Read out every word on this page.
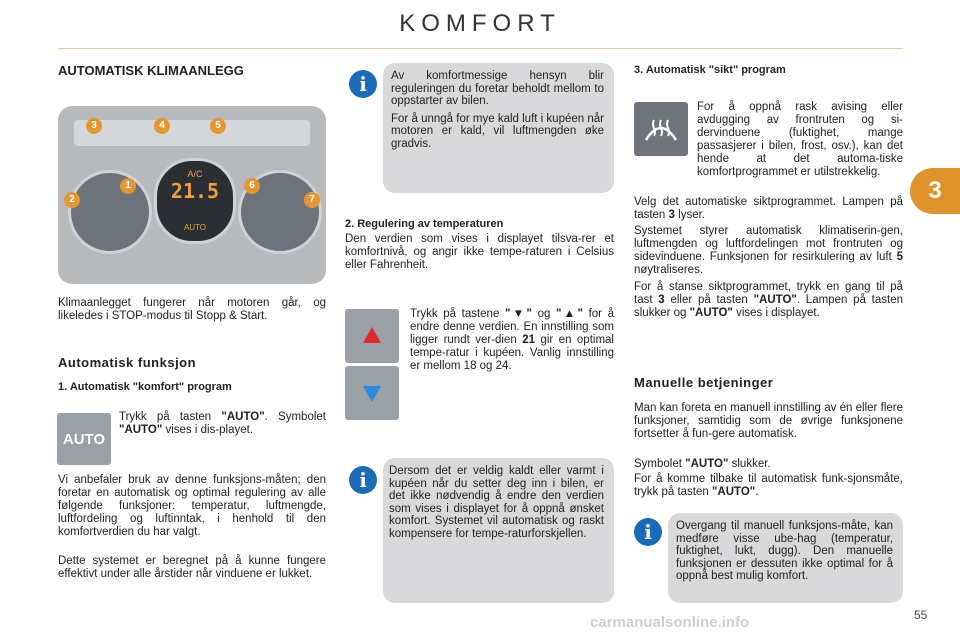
KOMFORT
3
55
carmanualsonline.info
AUTOMATISK KLIMAANLEGG
A/C
21.5
AUTO
1
2
3	4	5
6
7

Klimaanlegget fungerer når motoren går, og likeledes i STOP-modus til Stopp & Start.

Automatisk funksjon
1. Automatisk "komfort" program
AUTO

Trykk på tasten "AUTO". Symbolet "AUTO" vises i dis-playet.

Vi anbefaler bruk av denne funksjons-måten; den foretar en automatisk og optimal regulering av alle følgende funksjoner: temperatur, luftmengde, luftfordeling og luftinntak, i henhold til den komfortverdien du har valgt.

Dette systemet er beregnet på å kunne fungere effektivt under alle årstider når vinduene er lukket.

Av komfortmessige hensyn blir reguleringen du foretar beholdt mellom to oppstarter av bilen.

For å unngå for mye kald luft i kupéen når motoren er kald, vil luftmengden øke gradvis.

i
2. Regulering av temperaturen

Den verdien som vises i displayet tilsva-rer et komfortnivå, og angir ikke tempe-raturen i Celsius eller Fahrenheit.

Trykk på tastene "▼" og "▲" for å endre denne verdien. En innstilling som ligger rundt ver-dien 21 gir en optimal tempe-ratur i kupéen. Vanlig innstilling er mellom 18 og 24.

Dersom det er veldig kaldt eller varmt i kupéen når du setter deg inn i bilen, er det ikke nødvendig å endre den verdien som vises i displayet for å oppnå ønsket komfort. Systemet vil automatisk og raskt kompensere for tempe-raturforskjellen.

i
3. Automatisk "sikt" program

For å oppnå rask avising eller avdugging av frontruten og si-dervinduene (fuktighet, mange passasjerer i bilen, frost, osv.), kan det hende at det automa-tiske komfortprogrammet er utilstrekkelig.

Velg det automatiske siktprogrammet. Lampen på tasten 3 lyser.

Systemet styrer automatisk klimatiserin-gen, luftmengden og luftfordelingen mot frontruten og sidevinduene. Funksjonen for resirkulering av luft 5 nøytraliseres.

For å stanse siktprogrammet, trykk en gang til på tast 3 eller på tasten "AUTO". Lampen på tasten slukker og "AUTO" vises i displayet.

Manuelle betjeninger

Man kan foreta en manuell innstilling av én eller flere funksjoner, samtidig som de øvrige funksjonene fortsetter å fun-gere automatisk.

Symbolet "AUTO" slukker.

For å komme tilbake til automatisk funk-sjonsmåte, trykk på tasten "AUTO".

Overgang til manuell funksjons-måte, kan medføre visse ube-hag (temperatur, fuktighet, lukt, dugg). Den manuelle funksjonen er dessuten ikke optimal for å oppnå best mulig komfort.

i
